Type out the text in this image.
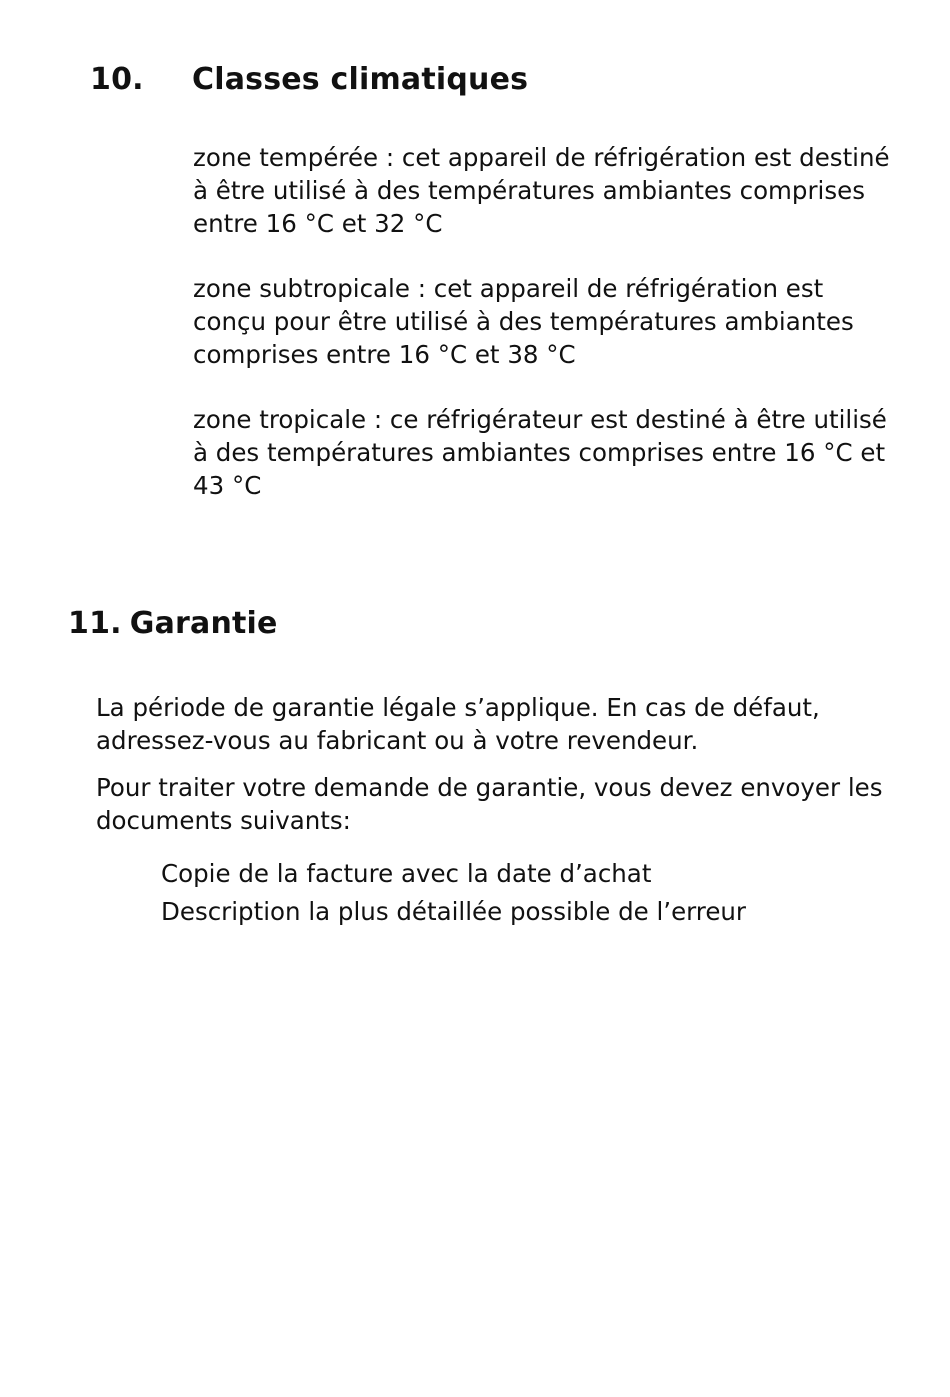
10. Classes climatiques

zone tempérée : cet appareil de réfrigération est destiné à être utilisé à des températures ambiantes comprises entre 16 °C et 32 °C

zone subtropicale : cet appareil de réfrigération est conçu pour être utilisé à des températures ambiantes comprises entre 16 °C et 38 °C

zone tropicale : ce réfrigérateur est destiné à être utilisé à des températures ambiantes comprises entre 16 °C et 43 °C

11. Garantie

La période de garantie légale s’applique. En cas de défaut, adressez-vous au fabricant ou à votre revendeur.

Pour traiter votre demande de garantie, vous devez envoyer les documents suivants:

Copie de la facture avec la date d’achat
Description la plus détaillée possible de l’erreur
